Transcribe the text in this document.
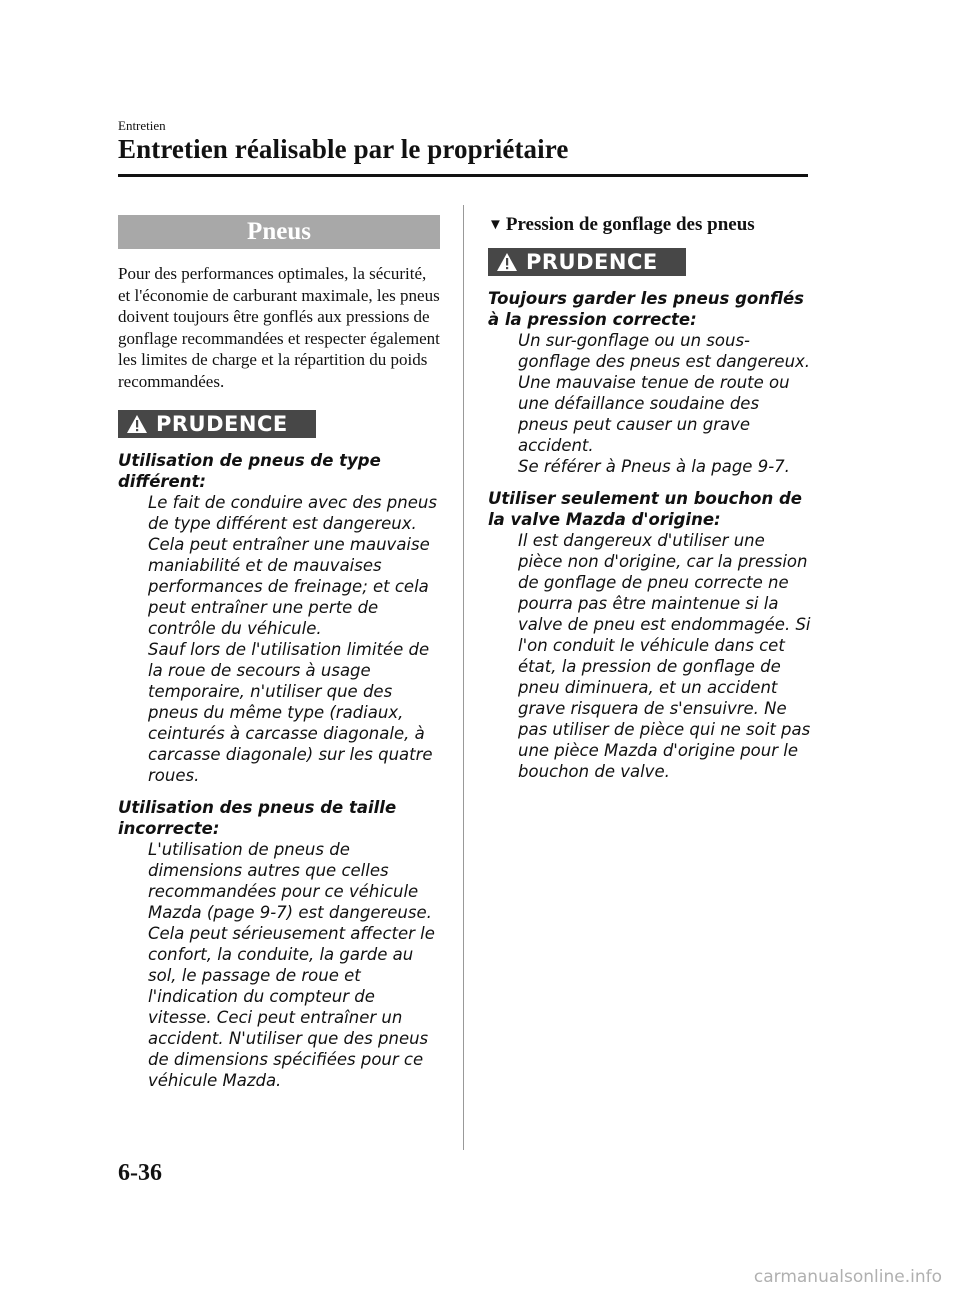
Entretien
Entretien réalisable par le propriétaire
Pneus

Pour des performances optimales, la sécurité, et l'économie de carburant maximale, les pneus doivent toujours être gonflés aux pressions de gonflage recommandées et respecter également les limites de charge et la répartition du poids recommandées.

PRUDENCE

Utilisation de pneus de type différent:

Le fait de conduire avec des pneus de type différent est dangereux. Cela peut entraîner une mauvaise maniabilité et de mauvaises performances de freinage; et cela peut entraîner une perte de contrôle du véhicule.

Sauf lors de l'utilisation limitée de la roue de secours à usage temporaire, n'utiliser que des pneus du même type (radiaux, ceinturés à carcasse diagonale, à carcasse diagonale) sur les quatre roues.

Utilisation des pneus de taille incorrecte:

L'utilisation de pneus de dimensions autres que celles recommandées pour ce véhicule Mazda (page 9-7) est dangereuse. Cela peut sérieusement affecter le confort, la conduite, la garde au sol, le passage de roue et l'indication du compteur de vitesse. Ceci peut entraîner un accident. N'utiliser que des pneus de dimensions spécifiées pour ce véhicule Mazda.

▼ Pression de gonflage des pneus
PRUDENCE

Toujours garder les pneus gonflés à la pression correcte:

Un sur-gonflage ou un sous-gonflage des pneus est dangereux. Une mauvaise tenue de route ou une défaillance soudaine des pneus peut causer un grave accident.

Se référer à Pneus à la page 9-7.

Utiliser seulement un bouchon de la valve Mazda d'origine:

Il est dangereux d'utiliser une pièce non d'origine, car la pression de gonflage de pneu correcte ne pourra pas être maintenue si la valve de pneu est endommagée. Si l'on conduit le véhicule dans cet état, la pression de gonflage de pneu diminuera, et un accident grave risquera de s'ensuivre. Ne pas utiliser de pièce qui ne soit pas une pièce Mazda d'origine pour le bouchon de valve.

6-36
carmanualsonline.info
